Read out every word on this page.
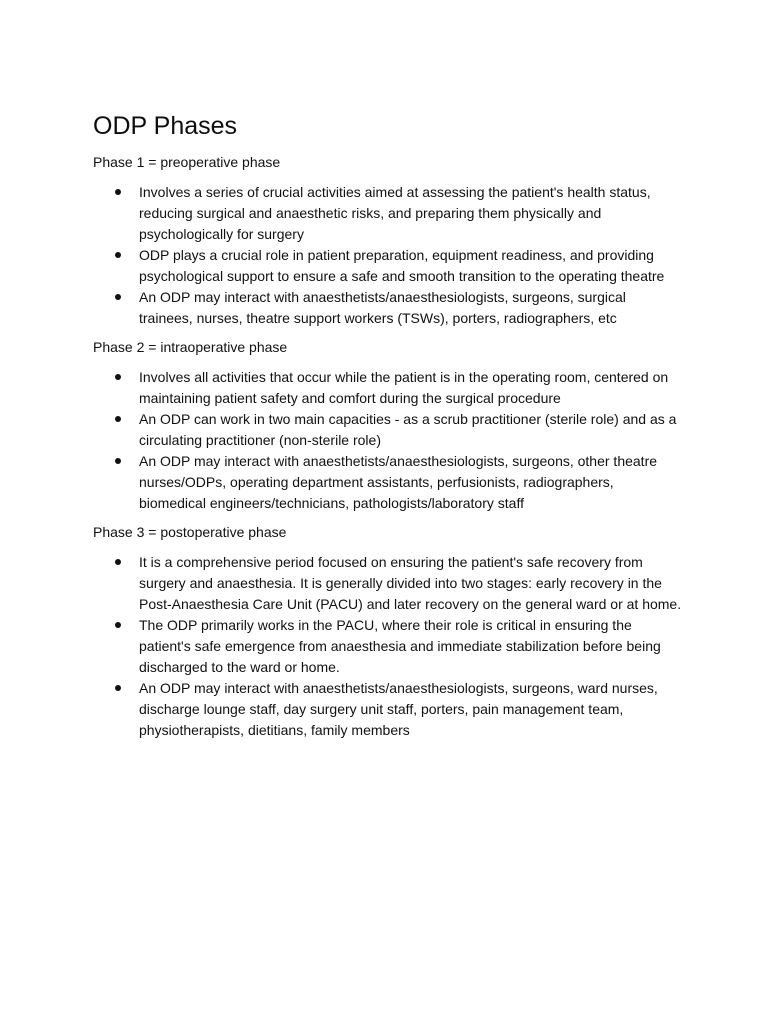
ODP Phases

Phase 1 = preoperative phase

Involves a series of crucial activities aimed at assessing the patient's health status, reducing surgical and anaesthetic risks, and preparing them physically and psychologically for surgery
ODP plays a crucial role in patient preparation, equipment readiness, and providing psychological support to ensure a safe and smooth transition to the operating theatre
An ODP may interact with anaesthetists/anaesthesiologists, surgeons, surgical trainees, nurses, theatre support workers (TSWs), porters, radiographers, etc

Phase 2 = intraoperative phase

Involves all activities that occur while the patient is in the operating room, centered on maintaining patient safety and comfort during the surgical procedure
An ODP can work in two main capacities - as a scrub practitioner (sterile role) and as a circulating practitioner (non-sterile role)
An ODP may interact with anaesthetists/anaesthesiologists, surgeons, other theatre nurses/ODPs, operating department assistants, perfusionists, radiographers, biomedical engineers/technicians, pathologists/laboratory staff

Phase 3 = postoperative phase

It is a comprehensive period focused on ensuring the patient's safe recovery from surgery and anaesthesia. It is generally divided into two stages: early recovery in the Post-Anaesthesia Care Unit (PACU) and later recovery on the general ward or at home.
The ODP primarily works in the PACU, where their role is critical in ensuring the patient's safe emergence from anaesthesia and immediate stabilization before being discharged to the ward or home.
An ODP may interact with anaesthetists/anaesthesiologists, surgeons, ward nurses, discharge lounge staff, day surgery unit staff, porters, pain management team, physiotherapists, dietitians, family members
